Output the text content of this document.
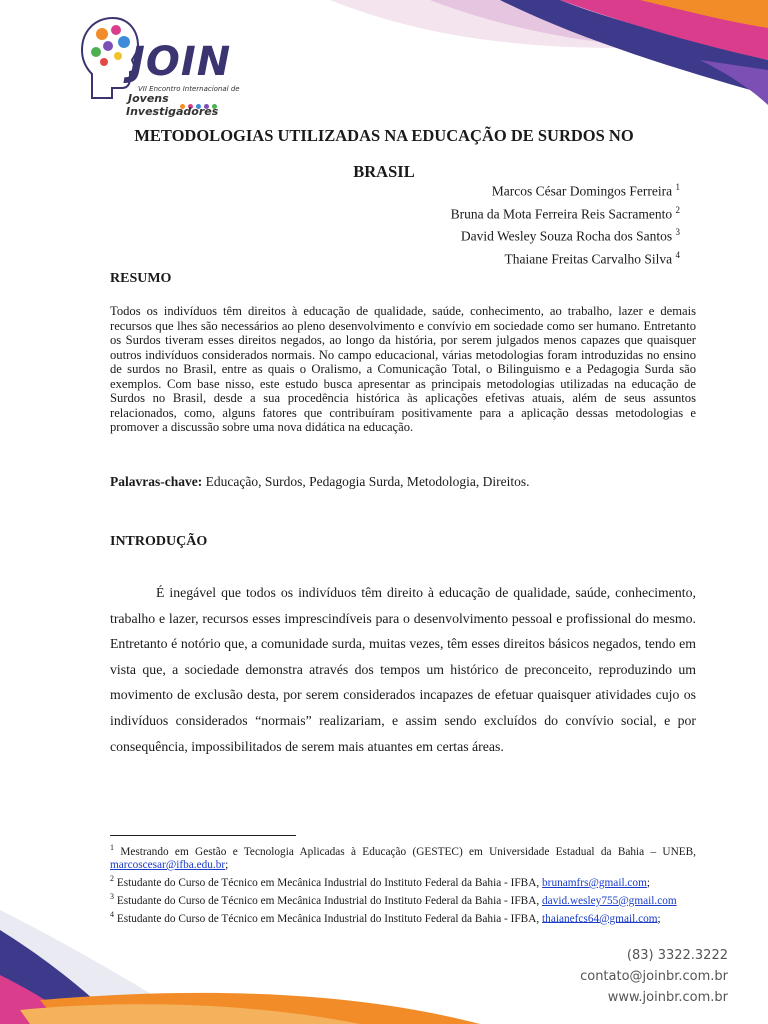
JOIN
VII Encontro Internacional de
Jovens
Investigadores
METODOLOGIAS UTILIZADAS NA EDUCAÇÃO DE SURDOS NO BRASIL
Marcos César Domingos Ferreira $^1$
Bruna da Mota Ferreira Reis Sacramento $^2$
David Wesley Souza Rocha dos Santos $^3$
Thaiane Freitas Carvalho Silva $^4$
RESUMO
Todos os indivíduos têm direitos à educação de qualidade, saúde, conhecimento, ao trabalho, lazer e demais recursos que lhes são necessários ao pleno desenvolvimento e convívio em sociedade como ser humano. Entretanto os Surdos tiveram esses direitos negados, ao longo da história, por serem julgados menos capazes que quaisquer outros indivíduos considerados normais. No campo educacional, várias metodologias foram introduzidas no ensino de surdos no Brasil, entre as quais o Oralismo, a Comunicação Total, o Bilinguismo e a Pedagogia Surda são exemplos. Com base nisso, este estudo busca apresentar as principais metodologias utilizadas na educação de Surdos no Brasil, desde a sua procedência histórica às aplicações efetivas atuais, além de seus assuntos relacionados, como, alguns fatores que contribuíram positivamente para a aplicação dessas metodologias e promover a discussão sobre uma nova didática na educação.
Palavras-chave: Educação, Surdos, Pedagogia Surda, Metodologia, Direitos.
INTRODUÇÃO
É inegável que todos os indivíduos têm direito à educação de qualidade, saúde, conhecimento, trabalho e lazer, recursos esses imprescindíveis para o desenvolvimento pessoal e profissional do mesmo. Entretanto é notório que, a comunidade surda, muitas vezes, têm esses direitos básicos negados, tendo em vista que, a sociedade demonstra através dos tempos um histórico de preconceito, reproduzindo um movimento de exclusão desta, por serem considerados incapazes de efetuar quaisquer atividades cujo os indivíduos considerados “normais” realizariam, e assim sendo excluídos do convívio social, e por consequência, impossibilitados de serem mais atuantes em certas áreas.

$^1$ Mestrando em Gestão e Tecnologia Aplicadas à Educação (GESTEC) em Universidade Estadual da Bahia – UNEB, marcoscesar@ifba.edu.br;

$^2$ Estudante do Curso de Técnico em Mecânica Industrial do Instituto Federal da Bahia - IFBA, brunamfrs@gmail.com;

$^3$ Estudante do Curso de Técnico em Mecânica Industrial do Instituto Federal da Bahia - IFBA, david.wesley755@gmail.com

$^4$ Estudante do Curso de Técnico em Mecânica Industrial do Instituto Federal da Bahia - IFBA, thaianefcs64@gmail.com;

(83) 3322.3222
contato@joinbr.com.br
www.joinbr.com.br
